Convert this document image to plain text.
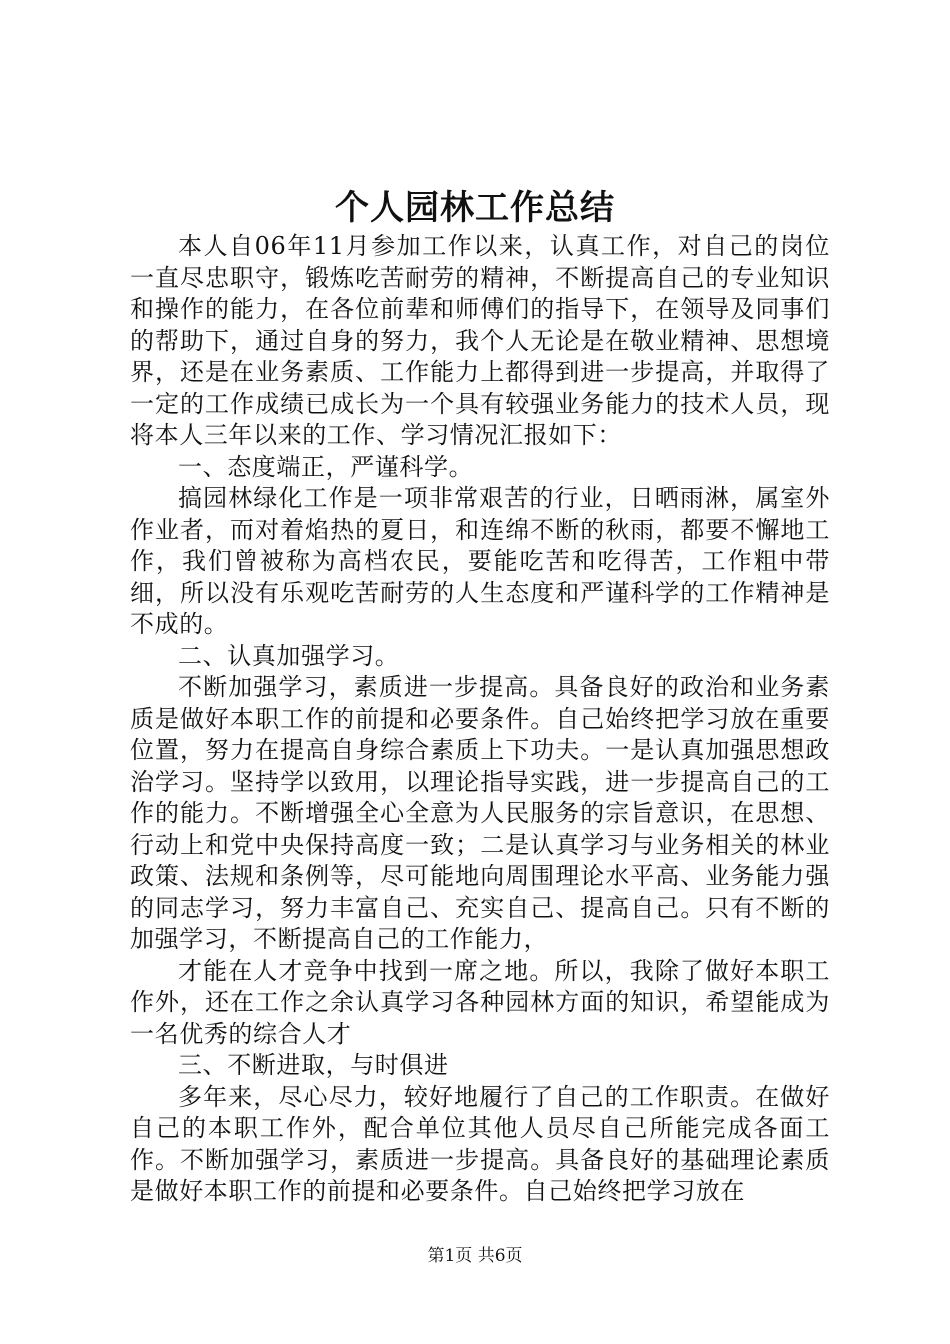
个人园林工作总结

本人自06年11月参加工作以来，认真工作，对自己的岗位一直尽忠职守，锻炼吃苦耐劳的精神，不断提高自己的专业知识和操作的能力，在各位前辈和师傅们的指导下，在领导及同事们的帮助下，通过自身的努力，我个人无论是在敬业精神、思想境界，还是在业务素质、工作能力上都得到进一步提高，并取得了一定的工作成绩已成长为一个具有较强业务能力的技术人员，现将本人三年以来的工作、学习情况汇报如下：

一、态度端正，严谨科学。

搞园林绿化工作是一项非常艰苦的行业，日晒雨淋，属室外作业者，而对着焰热的夏日，和连绵不断的秋雨，都要不懈地工作，我们曾被称为高档农民，要能吃苦和吃得苦，工作粗中带细，所以没有乐观吃苦耐劳的人生态度和严谨科学的工作精神是不成的。

二、认真加强学习。

不断加强学习，素质进一步提高。具备良好的政治和业务素质是做好本职工作的前提和必要条件。自己始终把学习放在重要位置，努力在提高自身综合素质上下功夫。一是认真加强思想政治学习。坚持学以致用，以理论指导实践，进一步提高自己的工作的能力。不断增强全心全意为人民服务的宗旨意识，在思想、行动上和党中央保持高度一致；二是认真学习与业务相关的林业政策、法规和条例等，尽可能地向周围理论水平高、业务能力强的同志学习，努力丰富自己、充实自己、提高自己。只有不断的加强学习，不断提高自己的工作能力，

才能在人才竞争中找到一席之地。所以，我除了做好本职工作外，还在工作之余认真学习各种园林方面的知识，希望能成为一名优秀的综合人才

三、不断进取，与时俱进

多年来，尽心尽力，较好地履行了自己的工作职责。在做好自己的本职工作外，配合单位其他人员尽自己所能完成各面工作。不断加强学习，素质进一步提高。具备良好的基础理论素质是做好本职工作的前提和必要条件。自己始终把学习放在

第1页 共6页
